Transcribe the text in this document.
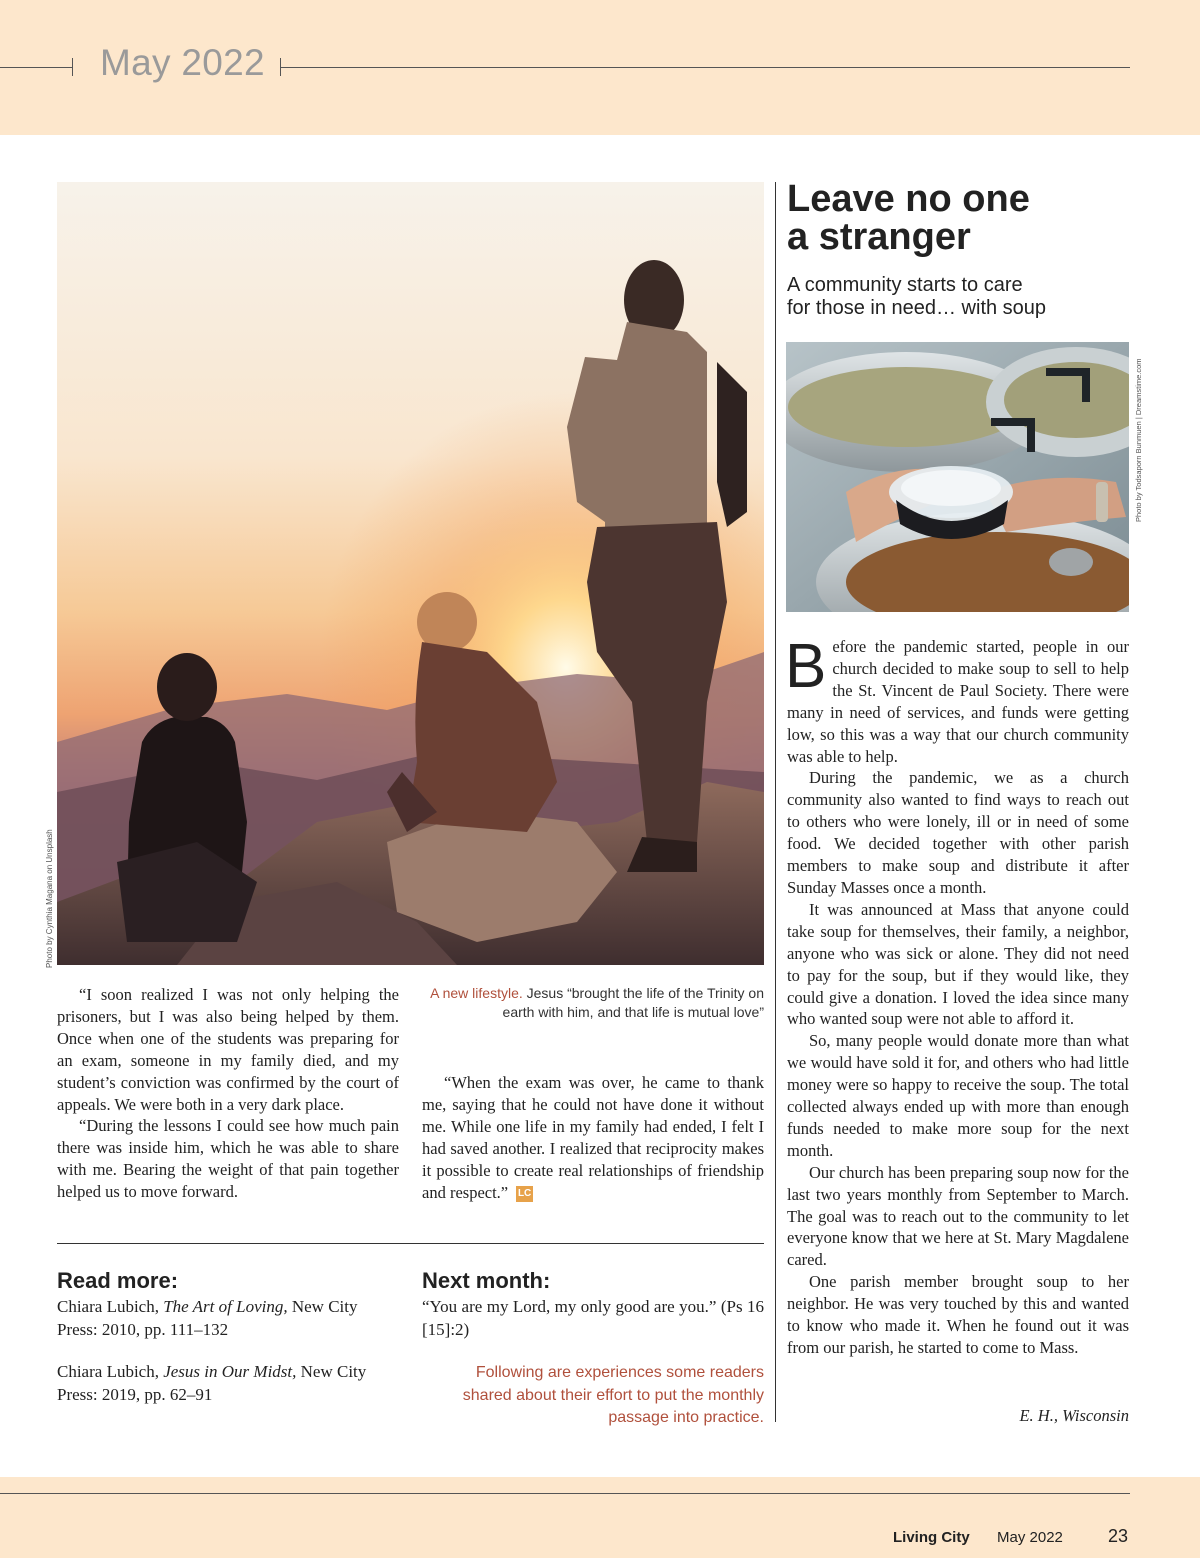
May 2022
Photo by Cynthia Magana on Unsplash
Leave no one
a stranger
A community starts to care
for those in need… with soup
Photo by Todsaporn Bunmuen | Dreamstime.com

Before the pandemic started, people in our church decided to make soup to sell to help the St. Vincent de Paul Society. There were many in need of services, and funds were getting low, so this was a way that our church community was able to help.

During the pandemic, we as a church community also wanted to find ways to reach out to others who were lonely, ill or in need of some food. We decided together with other parish members to make soup and distribute it after Sunday Masses once a month.

It was announced at Mass that anyone could take soup for themselves, their family, a neighbor, anyone who was sick or alone. They did not need to pay for the soup, but if they would like, they could give a donation. I loved the idea since many who wanted soup were not able to afford it.

So, many people would donate more than what we would have sold it for, and others who had little money were so happy to receive the soup. The total collected always ended up with more than enough funds needed to make more soup for the next month.

Our church has been preparing soup now for the last two years monthly from September to March. The goal was to reach out to the community to let everyone know that we here at St. Mary Magdalene cared.

One parish member brought soup to her neighbor. He was very touched by this and wanted to know who made it. When he found out it was from our parish, he started to come to Mass.

E. H., Wisconsin

“I soon realized I was not only helping the prisoners, but I was also being helped by them. Once when one of the students was preparing for an exam, someone in my family died, and my student’s conviction was confirmed by the court of appeals. We were both in a very dark place.

“During the lessons I could see how much pain there was inside him, which he was able to share with me. Bearing the weight of that pain together helped us to move forward.

A new lifestyle. Jesus “brought the life of the Trinity on earth with him, and that life is mutual love”

“When the exam was over, he came to thank me, saying that he could not have done it without me. While one life in my family had ended, I felt I had saved another. I realized that reciprocity makes it possible to create real relationships of friendship and respect.” LC

Read more:

Chiara Lubich, The Art of Loving, New City Press: 2010, pp. 111–132

Chiara Lubich, Jesus in Our Midst, New City Press: 2019, pp. 62–91

Next month:
“You are my Lord, my only good are you.” (Ps 16 [15]:2)
Following are experiences some readers shared about their effort to put the monthly passage into practice.
Living City May 2022	23
